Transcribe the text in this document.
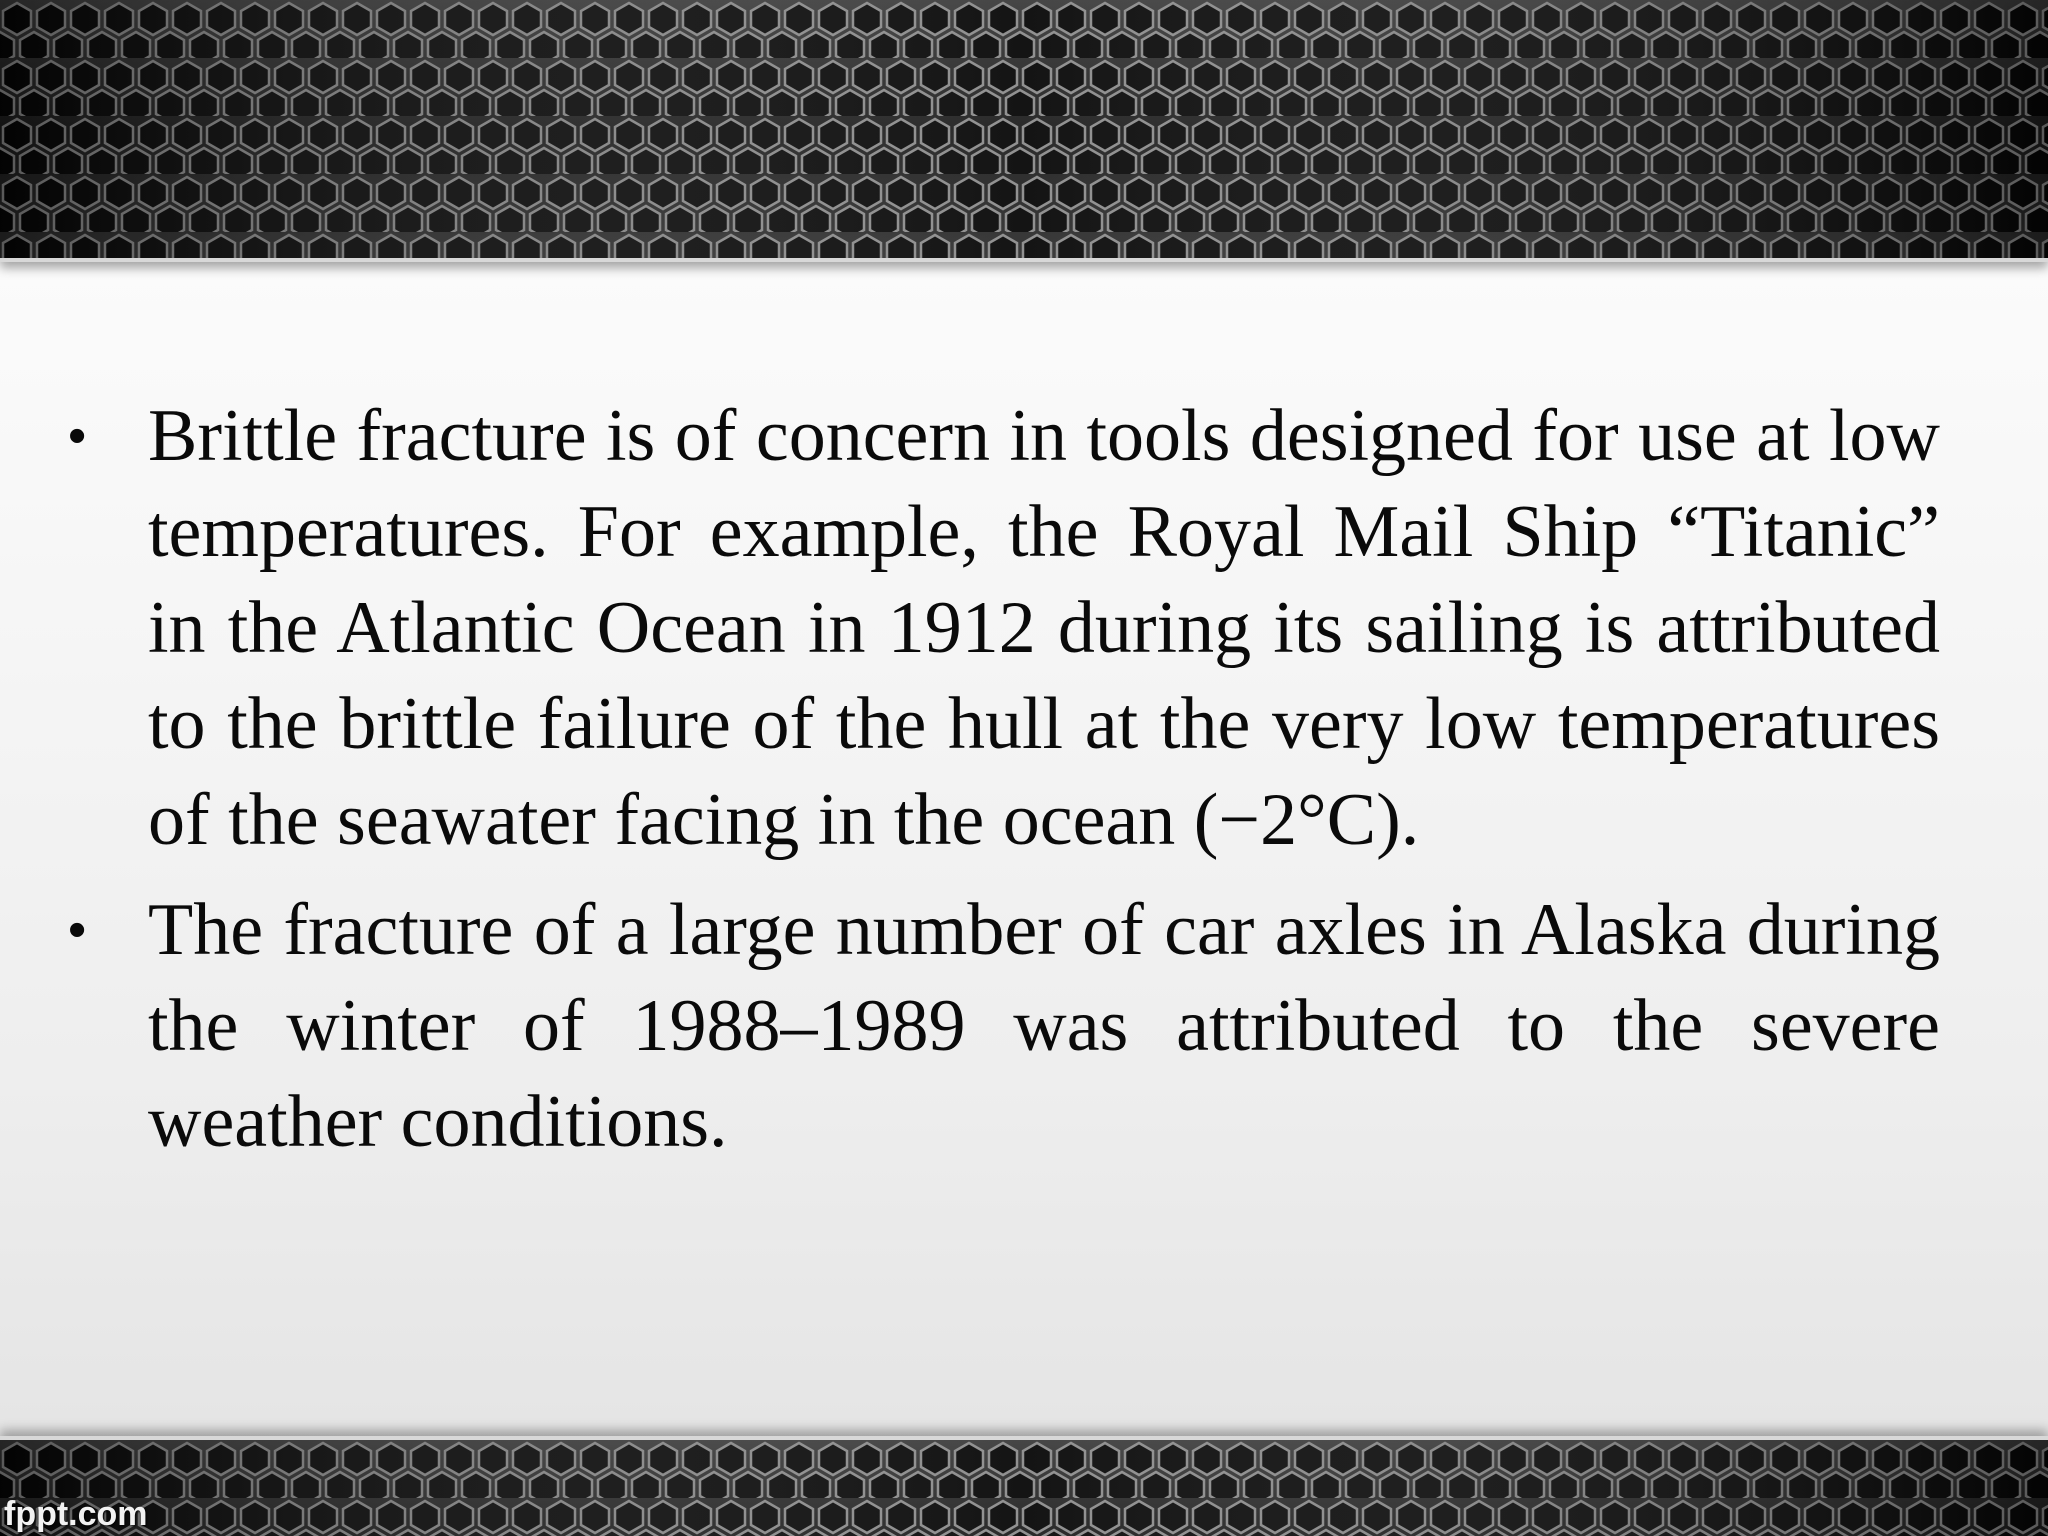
• Brittle fracture is of concern in tools designed for use at low temperatures. For example, the Royal Mail Ship “Titanic” in the Atlantic Ocean in 1912 during its sailing is attributed to the brittle failure of the hull at the very low temperatures of the seawater facing in the ocean (−2°C).
• The fracture of a large number of car axles in Alaska during the winter of 1988–1989 was attributed to the severe weather conditions.
fppt.com
